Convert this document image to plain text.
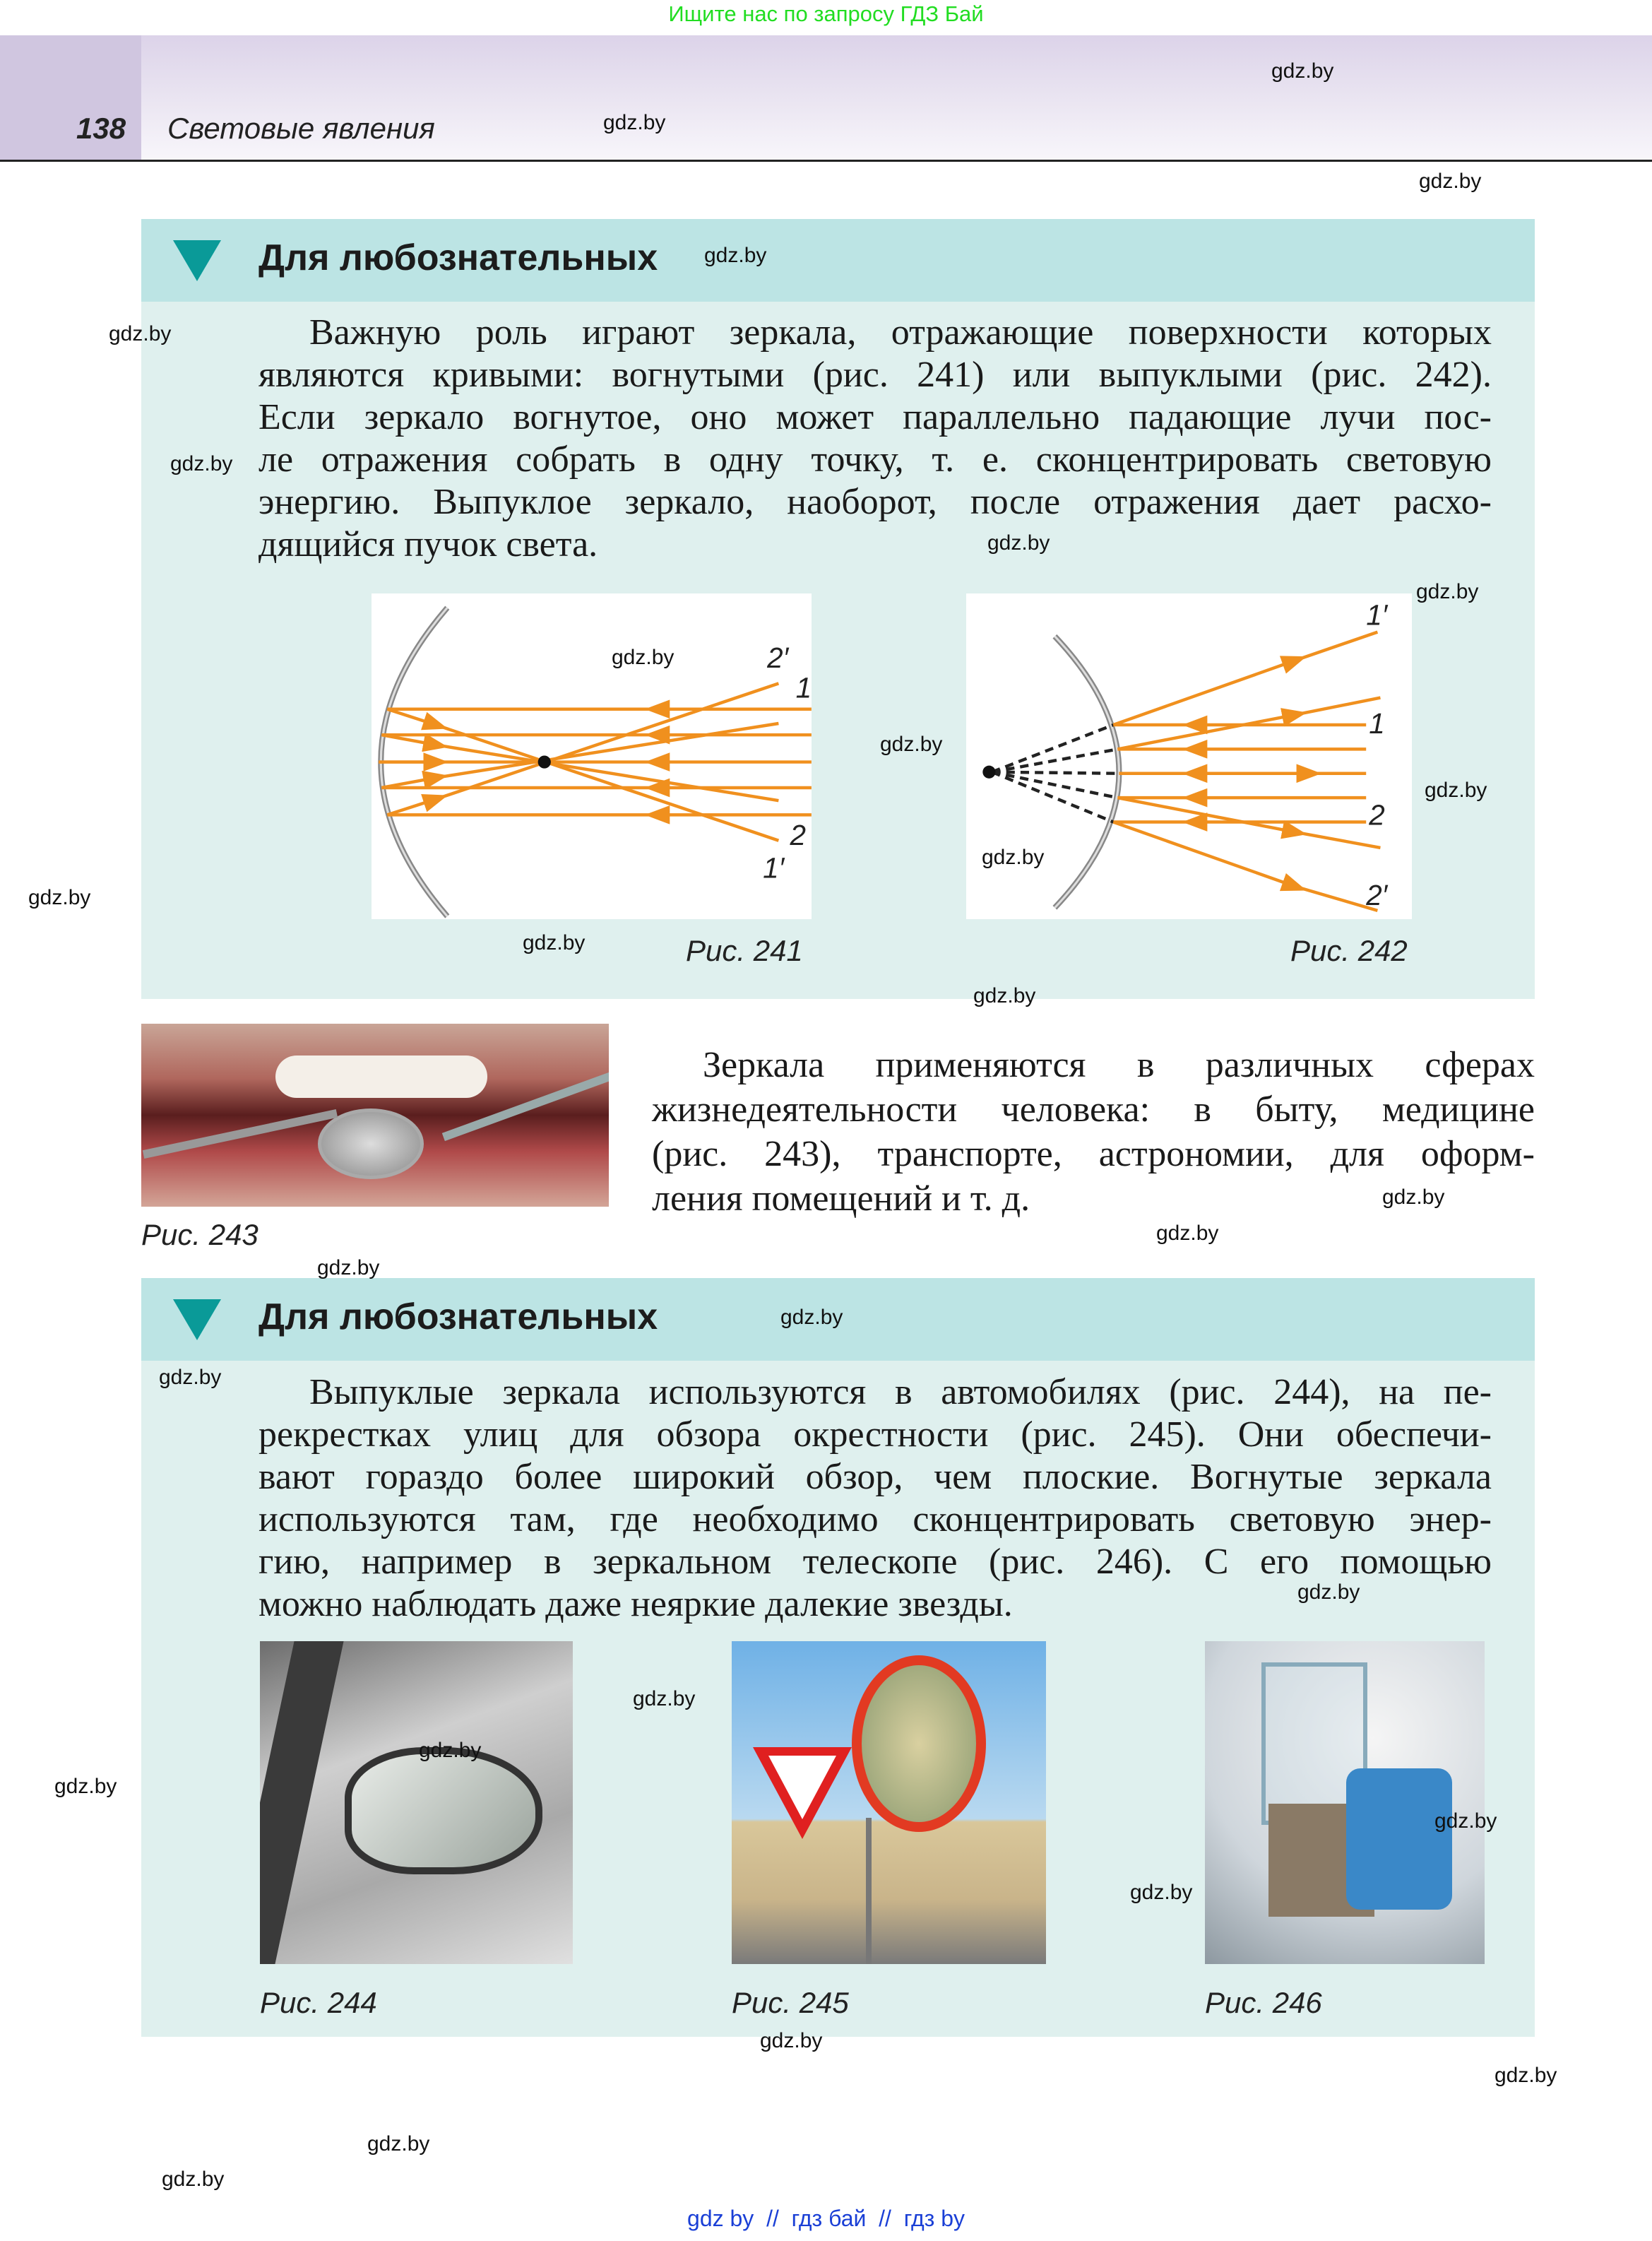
Ищите нас по запросу ГДЗ Бай
138 Световые явления
Для любознательных
Важную роль играют зеркала, отражающие поверхности которых
являются кривыми: вогнутыми (рис. 241) или выпуклыми (рис. 242).
Если зеркало вогнутое, оно может параллельно падающие лучи пос-
ле отражения собрать в одну точку, т. е. сконцентрировать световую
энергию. Выпуклое зеркало, наоборот, после отражения дает расхо-
дящийся пучок света.
2′
1
2
1′
Рис. 241
1′
1
2
2′
Рис. 242
Рис. 243
Зеркала применяются в различных сферах
жизнедеятельности человека: в быту, медицине
(рис. 243), транспорте, астрономии, для оформ-
ления помещений и т. д.
Для любознательных
Выпуклые зеркала используются в автомобилях (рис. 244), на пе-
рекрестках улиц для обзора окрестности (рис. 245). Они обеспечи-
вают гораздо более широкий обзор, чем плоские. Вогнутые зеркала
используются там, где необходимо сконцентрировать световую энер-
гию, например в зеркальном телескопе (рис. 246). С его помощью
можно наблюдать даже неяркие далекие звезды.
Рис. 244	Рис. 245	Рис. 246
gdz.by
gdz.by
gdz.by
gdz.by
gdz.by
gdz.by
gdz.by
gdz.by
gdz.by
gdz.by
gdz.by
gdz.by
gdz.by
gdz.by
gdz.by
gdz.by
gdz.by
gdz.by
gdz.by
gdz.by
gdz.by
gdz.by
gdz.by
gdz.by
gdz.by
gdz.by
gdz.by
gdz.by
gdz.by
gdz.by
gdz by  //  гдз бай  //  гдз by
